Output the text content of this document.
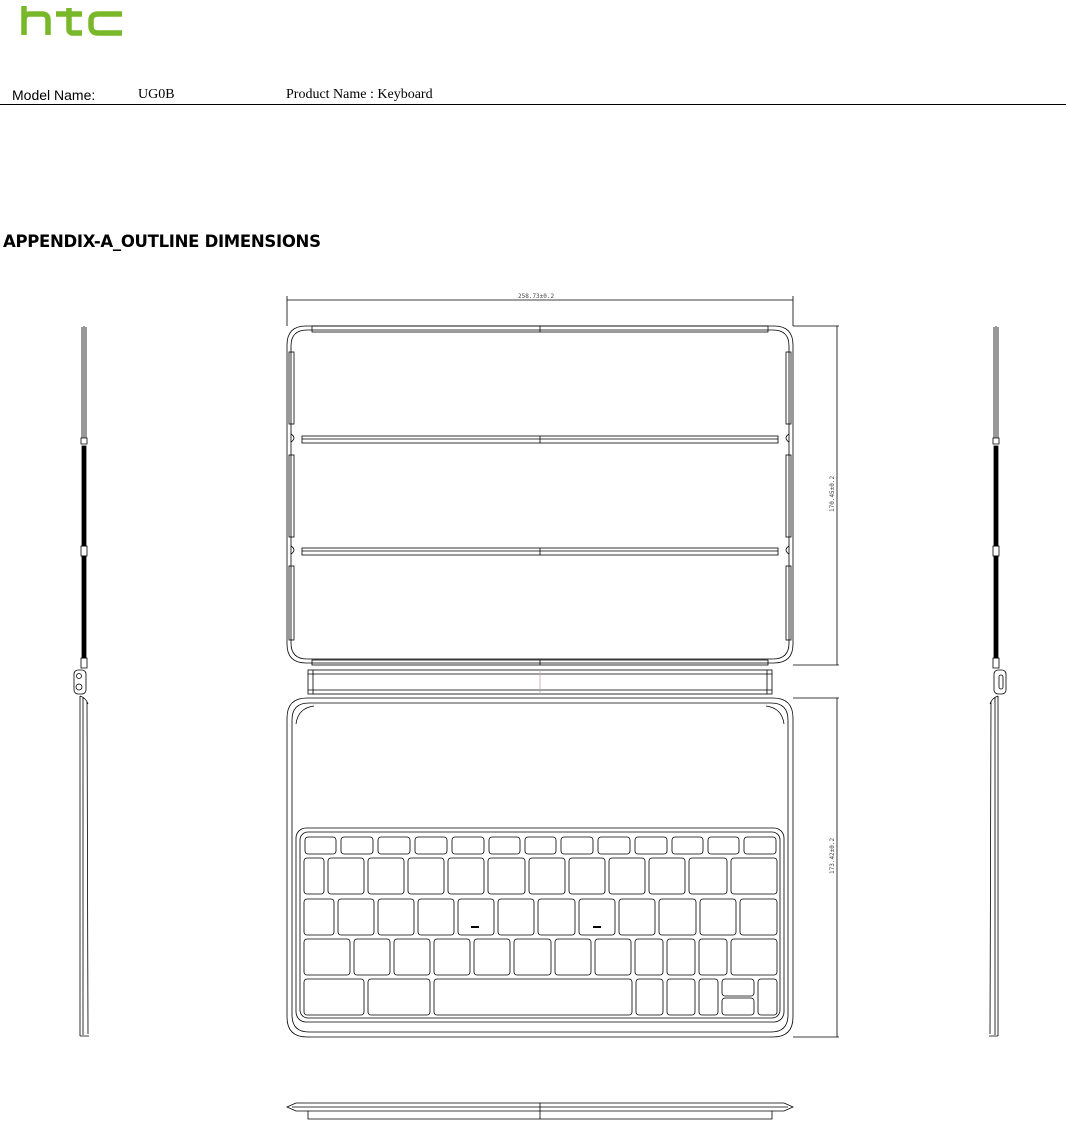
.
Model Name:	UG0B	Product Name : Keyboard
APPENDIX-A_OUTLINE DIMENSIONS
258.73±0.2
170.45±0.2
173.42±0.2
